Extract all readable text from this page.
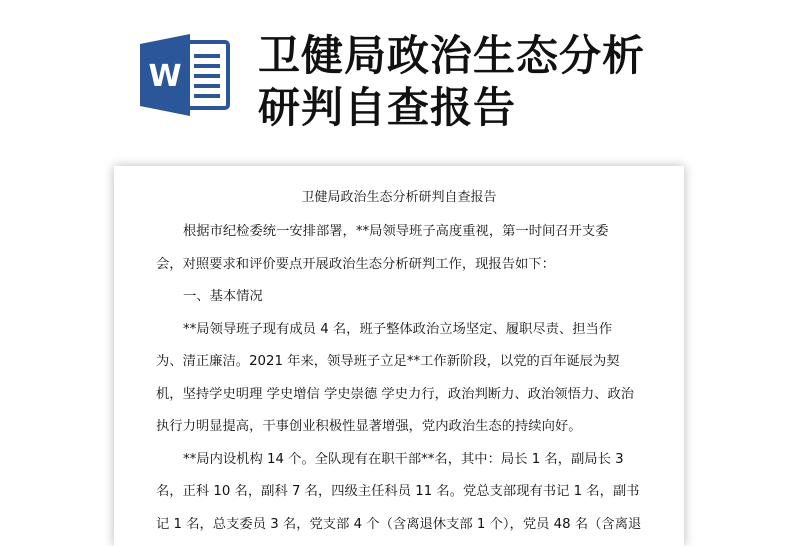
W 卫健局政治生态分析
研判自查报告

卫健局政治生态分析研判自查报告

根据市纪检委统一安排部署，**局领导班子高度重视，第一时间召开支委
会，对照要求和评价要点开展政治生态分析研判工作，现报告如下：
一、基本情况
**局领导班子现有成员 4 名，班子整体政治立场坚定、履职尽责、担当作
为、清正廉洁。2021 年来，领导班子立足**工作新阶段，以党的百年诞辰为契
机，坚持学史明理 学史增信 学史崇德 学史力行，政治判断力、政治领悟力、政治
执行力明显提高，干事创业积极性显著增强，党内政治生态的持续向好。
**局内设机构 14 个。全队现有在职干部**名，其中：局长 1 名，副局长 3
名，正科 10 名，副科 7 名，四级主任科员 11 名。党总支部现有书记 1 名，副书
记 1 名，总支委员 3 名，党支部 4 个（含离退休支部 1 个），党员 48 名（含离退
